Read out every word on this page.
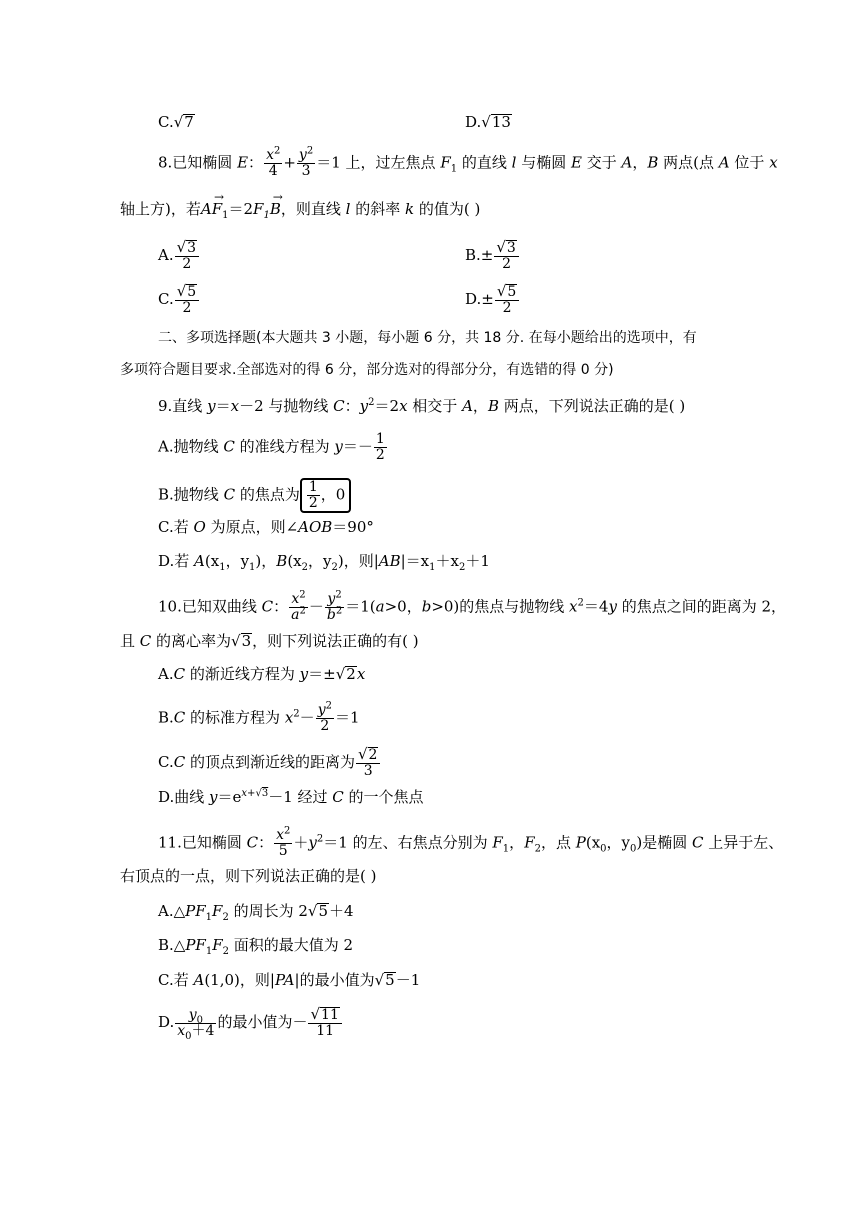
C.√7	D.√13
8.已知椭圆 E： $\frac{x^2}{4} + \frac{y^2}{3} =1$ 上，过左焦点 $F_1$ 的直线 l 与椭圆 E 交于 A，B 两点(点 A 位于 x
轴上方)，若→ $AF_1=2\to F_1B$，则直线 l 的斜率 k 的值为( )
A. $\frac{√3}{2}$	$B.\pm \frac{√3}{2}$
C. $\frac{√5}{2}$	$D.\pm \frac{√5}{2}$
二、多项选择题(本大题共 3 小题，每小题 6 分，共 18 分. 在每小题给出的选项中，有
多项符合题目要求.全部选对的得 6 分，部分选对的得部分分，有选错的得 0 分)
9.直线 y＝x－2 与抛物线 C：$y^2=2x$ 相交于 A，B 两点，下列说法正确的是( )
A.抛物线 C 的准线方程为 $y=- \frac{1}{2}$
B.抛物线 C 的焦点为 $\frac{1}{2}$ ，0
C.若 O 为原点，则∠AOB＝90°
D.若 $A(x_1$，$y_1$)，$B(x_2$，$y_2$)，则$|AB|=x_1+x_2+1$
10.已知双曲线 C： $\frac{x^2}{a^2} - \frac{y^2}{b^2} =1(a>0$，b>0)的焦点与抛物线 $x^2=4y$ 的焦点之间的距离为 2，
且 C 的离心率为√3，则下列说法正确的有( )
A.C 的渐近线方程为 y＝±√2x
B.C 的标准方程为 $x^2- \frac{y^2}{2} =1$
C.C 的顶点到渐近线的距离为 $\frac{√2}{3}$
D.曲线 $y=e^{x+√3}-1$ 经过 C 的一个焦点
11.已知椭圆 C： $\frac{x^2}{5} +y^2=1$ 的左、右焦点分别为 $F_1$，$F_2$，点 $P(x_0$，$y_0$)是椭圆 C 上异于左、
右顶点的一点，则下列说法正确的是( )
$A.\triangle PF_1F_2$ 的周长为 2√5＋4
$B.\triangle PF_1F_2$ 面积的最大值为 2
C.若 A(1,0)，则|PA|的最小值为√5－1
D. $\frac{y_0}{x_0+4}$ 的最小值为－ $\frac{√11}{11}$
